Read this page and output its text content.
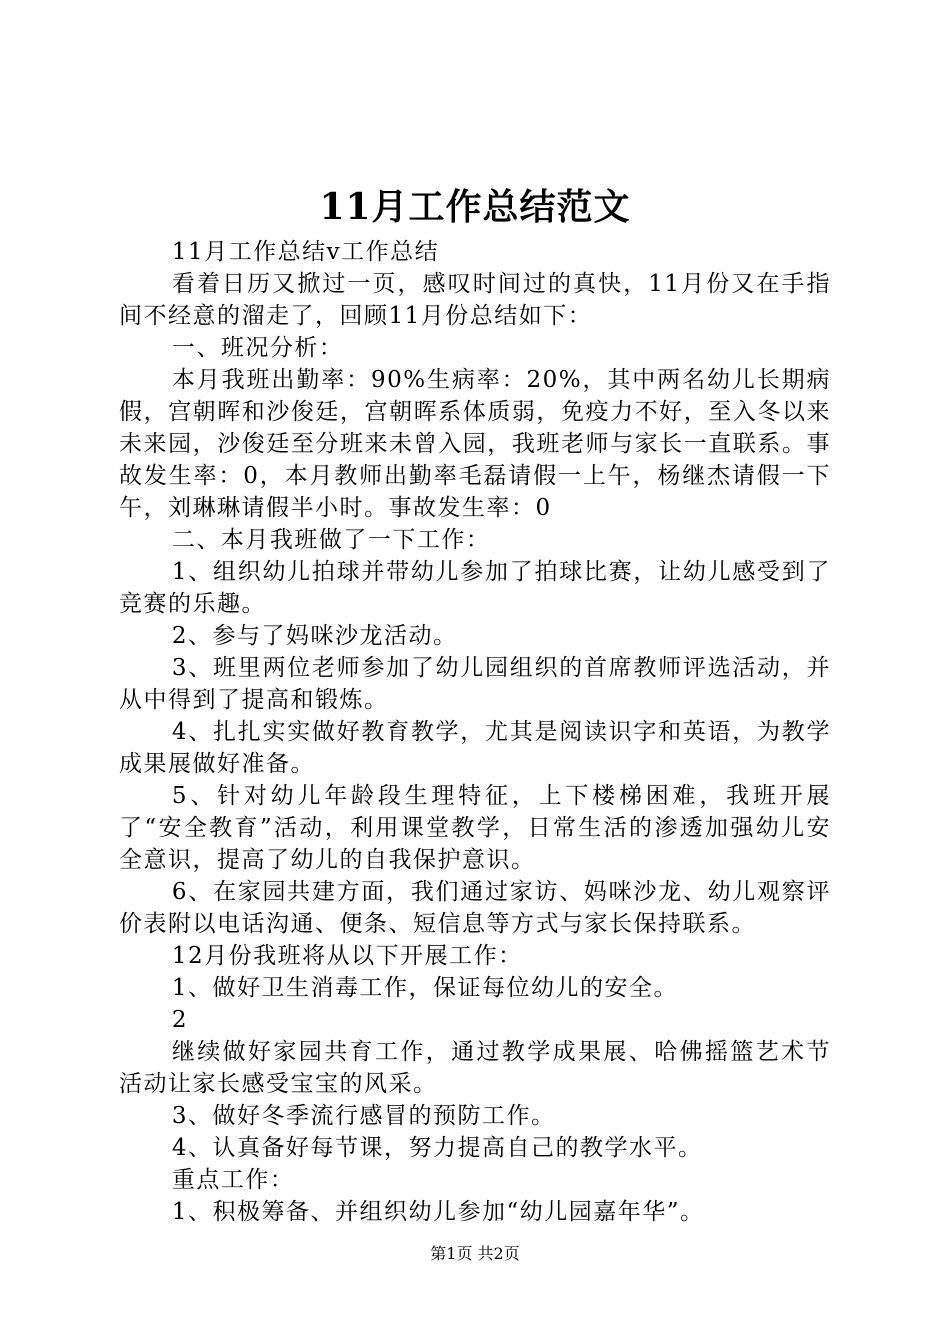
11月工作总结范文

11月工作总结v工作总结

看着日历又掀过一页，感叹时间过的真快，11月份又在手指间不经意的溜走了，回顾11月份总结如下：

一、班况分析：

本月我班出勤率：90%生病率：20%，其中两名幼儿长期病假，宫朝晖和沙俊廷，宫朝晖系体质弱，免疫力不好，至入冬以来未来园，沙俊廷至分班来未曾入园，我班老师与家长一直联系。事故发生率：0，本月教师出勤率毛磊请假一上午，杨继杰请假一下午，刘琳琳请假半小时。事故发生率：0

二、本月我班做了一下工作：

1、组织幼儿拍球并带幼儿参加了拍球比赛，让幼儿感受到了竞赛的乐趣。

2、参与了妈咪沙龙活动。

3、班里两位老师参加了幼儿园组织的首席教师评选活动，并从中得到了提高和锻炼。

4、扎扎实实做好教育教学，尤其是阅读识字和英语，为教学成果展做好准备。

5、针对幼儿年龄段生理特征，上下楼梯困难，我班开展了“安全教育”活动，利用课堂教学，日常生活的渗透加强幼儿安全意识，提高了幼儿的自我保护意识。

6、在家园共建方面，我们通过家访、妈咪沙龙、幼儿观察评价表附以电话沟通、便条、短信息等方式与家长保持联系。

12月份我班将从以下开展工作：

1、做好卫生消毒工作，保证每位幼儿的安全。

2

继续做好家园共育工作，通过教学成果展、哈佛摇篮艺术节活动让家长感受宝宝的风采。

3、做好冬季流行感冒的预防工作。

4、认真备好每节课，努力提高自己的教学水平。

重点工作：

1、积极筹备、并组织幼儿参加“幼儿园嘉年华”。

第1页 共2页
